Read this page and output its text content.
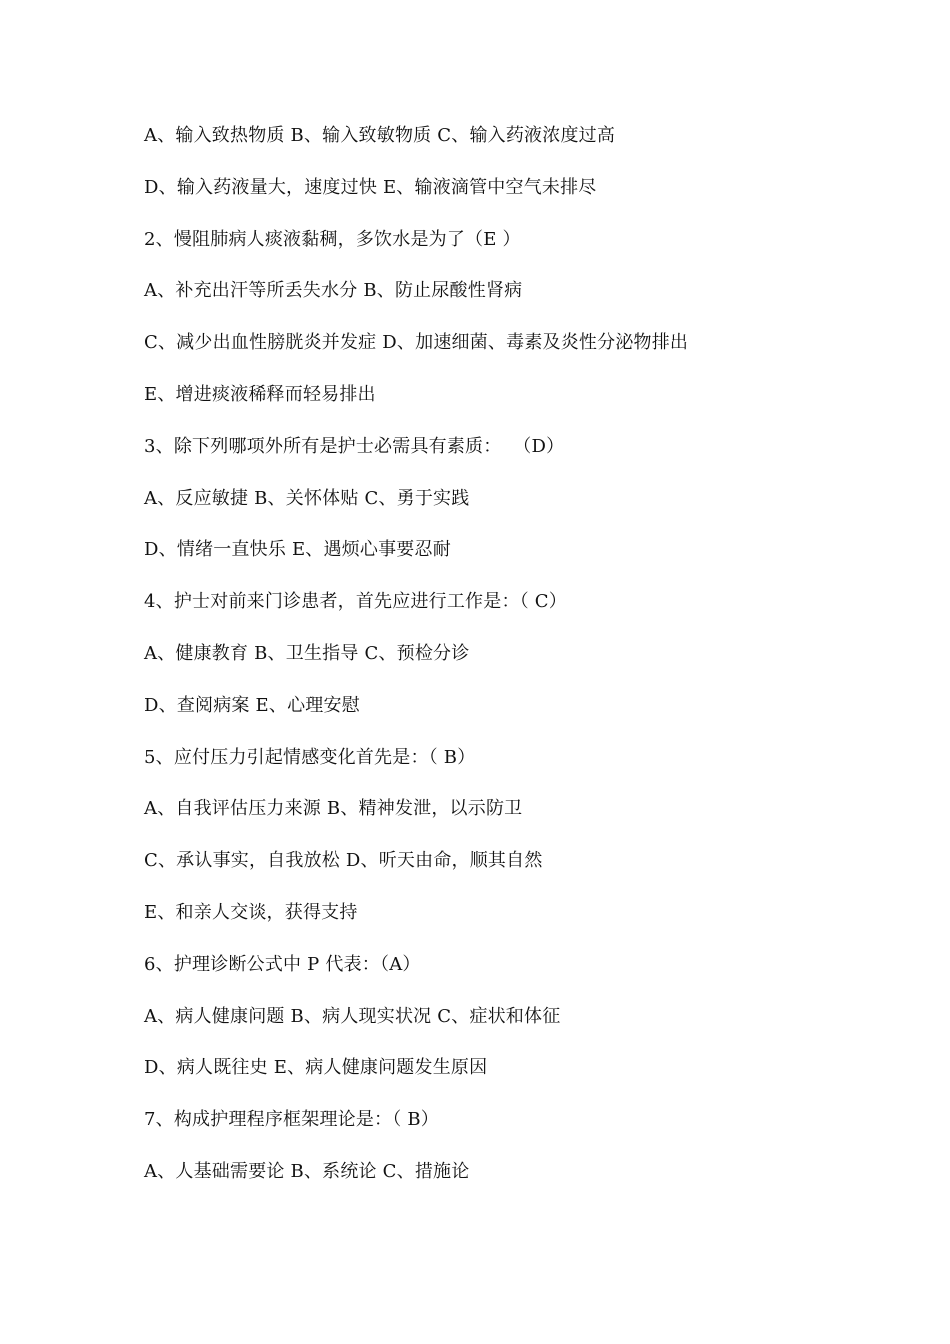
A、输入致热物质 B、输入致敏物质 C、输入药液浓度过高
D、输入药液量大，速度过快 E、输液滴管中空气未排尽
2、慢阻肺病人痰液黏稠，多饮水是为了（E ）
A、补充出汗等所丢失水分 B、防止尿酸性肾病
C、减少出血性膀胱炎并发症 D、加速细菌、毒素及炎性分泌物排出
E、增进痰液稀释而轻易排出
3、除下列哪项外所有是护士必需具有素质：  （D）
A、反应敏捷 B、关怀体贴 C、勇于实践
D、情绪一直快乐 E、遇烦心事要忍耐
4、护士对前来门诊患者，首先应进行工作是：（ C）
A、健康教育 B、卫生指导 C、预检分诊
D、查阅病案 E、心理安慰
5、应付压力引起情感变化首先是：（ B）
A、自我评估压力来源 B、精神发泄，以示防卫
C、承认事实，自我放松 D、听天由命，顺其自然
E、和亲人交谈，获得支持
6、护理诊断公式中 P 代表：（A）
A、病人健康问题 B、病人现实状况 C、症状和体征
D、病人既往史 E、病人健康问题发生原因
7、构成护理程序框架理论是：（ B）
A、人基础需要论 B、系统论 C、措施论
